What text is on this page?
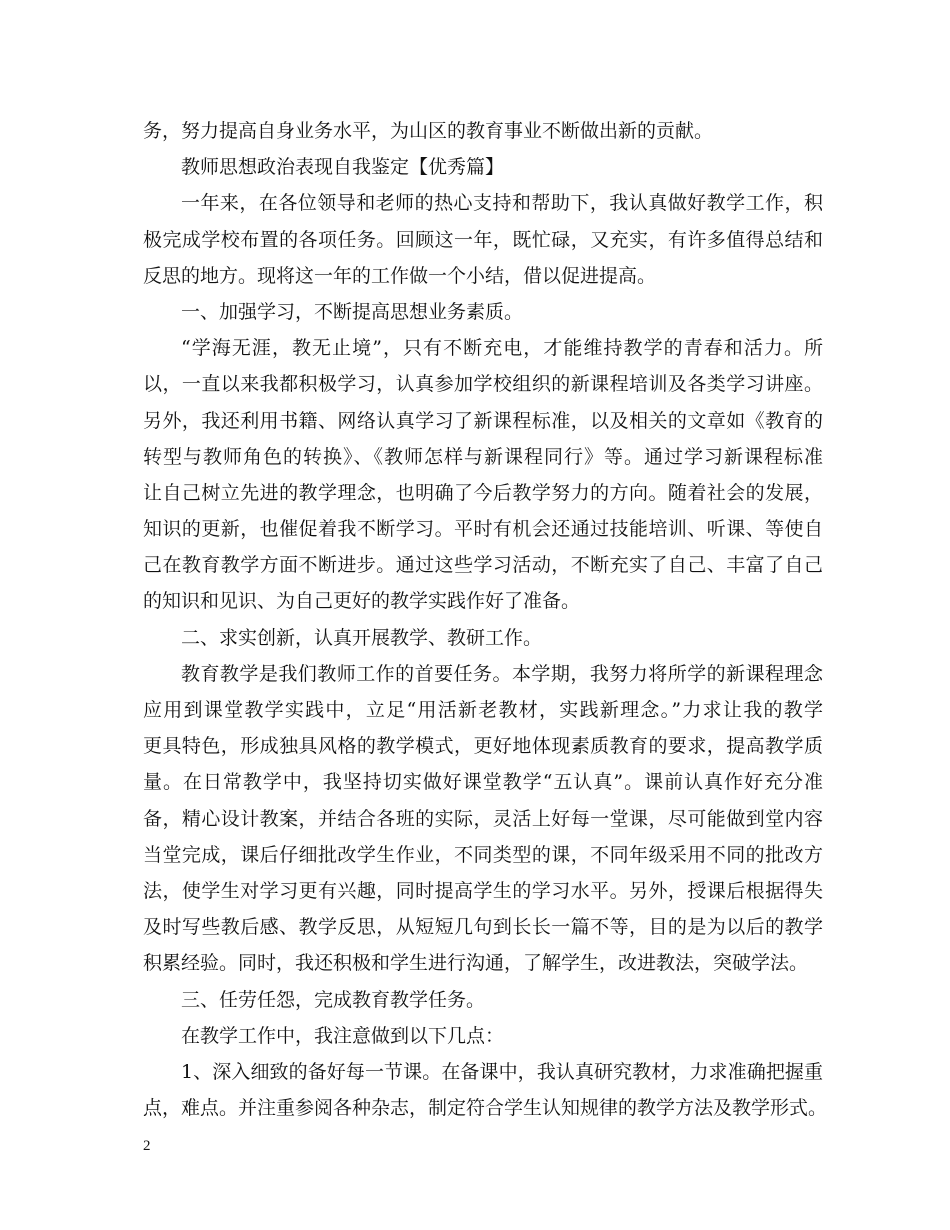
务，努力提高自身业务水平，为山区的教育事业不断做出新的贡献。
教师思想政治表现自我鉴定【优秀篇】
一年来，在各位领导和老师的热心支持和帮助下，我认真做好教学工作，积
极完成学校布置的各项任务。回顾这一年，既忙碌，又充实，有许多值得总结和
反思的地方。现将这一年的工作做一个小结，借以促进提高。
一、加强学习，不断提高思想业务素质。
“学海无涯，教无止境”，只有不断充电，才能维持教学的青春和活力。所
以，一直以来我都积极学习，认真参加学校组织的新课程培训及各类学习讲座。
另外，我还利用书籍、网络认真学习了新课程标准，以及相关的文章如《教育的
转型与教师角色的转换》、《教师怎样与新课程同行》等。通过学习新课程标准
让自己树立先进的教学理念，也明确了今后教学努力的方向。随着社会的发展，
知识的更新，也催促着我不断学习。平时有机会还通过技能培训、听课、等使自
己在教育教学方面不断进步。通过这些学习活动，不断充实了自己、丰富了自己
的知识和见识、为自己更好的教学实践作好了准备。
二、求实创新，认真开展教学、教研工作。
教育教学是我们教师工作的首要任务。本学期，我努力将所学的新课程理念
应用到课堂教学实践中，立足“用活新老教材，实践新理念。”力求让我的教学
更具特色，形成独具风格的教学模式，更好地体现素质教育的要求，提高教学质
量。在日常教学中，我坚持切实做好课堂教学“五认真”。课前认真作好充分准
备，精心设计教案，并结合各班的实际，灵活上好每一堂课，尽可能做到堂内容
当堂完成，课后仔细批改学生作业，不同类型的课，不同年级采用不同的批改方
法，使学生对学习更有兴趣，同时提高学生的学习水平。另外，授课后根据得失
及时写些教后感、教学反思，从短短几句到长长一篇不等，目的是为以后的教学
积累经验。同时，我还积极和学生进行沟通，了解学生，改进教法，突破学法。
三、任劳任怨，完成教育教学任务。
在教学工作中，我注意做到以下几点：
1、深入细致的备好每一节课。在备课中，我认真研究教材，力求准确把握重
点，难点。并注重参阅各种杂志，制定符合学生认知规律的教学方法及教学形式。
2
